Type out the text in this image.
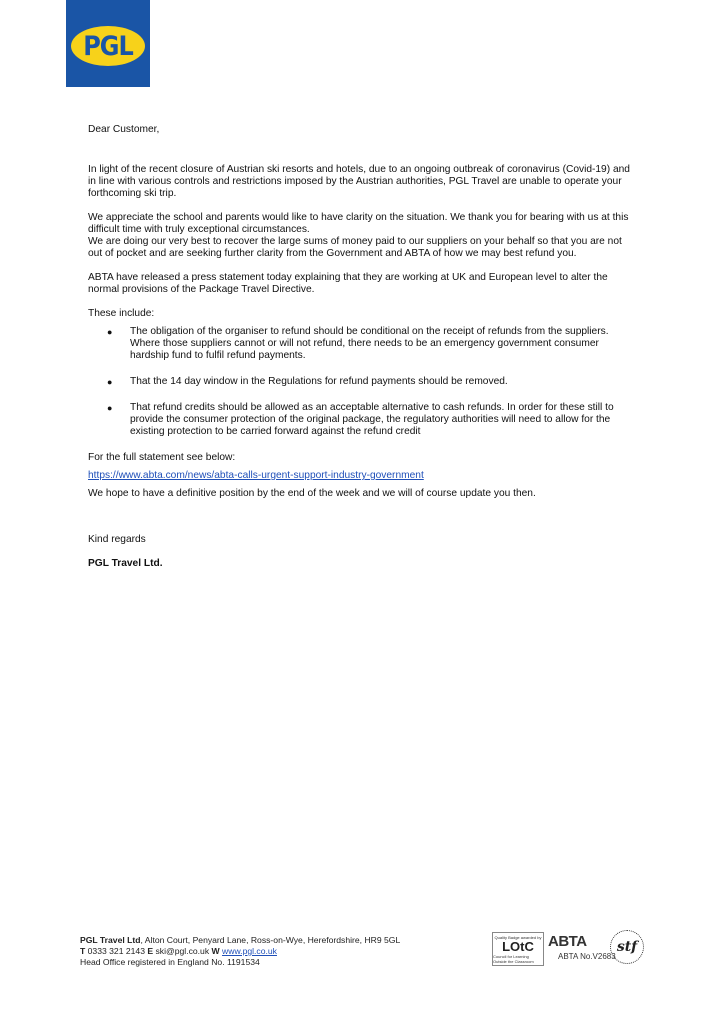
PGL

Dear Customer,

In light of the recent closure of Austrian ski resorts and hotels, due to an ongoing outbreak of coronavirus (Covid-19) and in line with various controls and restrictions imposed by the Austrian authorities, PGL Travel are unable to operate your forthcoming ski trip.

We appreciate the school and parents would like to have clarity on the situation. We thank you for bearing with us at this difficult time with truly exceptional circumstances.

We are doing our very best to recover the large sums of money paid to our suppliers on your behalf so that you are not out of pocket and are seeking further clarity from the Government and ABTA of how we may best refund you.

ABTA have released a press statement today explaining that they are working at UK and European level to alter the normal provisions of the Package Travel Directive.

These include:

● The obligation of the organiser to refund should be conditional on the receipt of refunds from the suppliers. Where those suppliers cannot or will not refund, there needs to be an emergency government consumer hardship fund to fulfil refund payments.
● That the 14 day window in the Regulations for refund payments should be removed.
● That refund credits should be allowed as an acceptable alternative to cash refunds. In order for these still to provide the consumer protection of the original package, the regulatory authorities will need to allow for the existing protection to be carried forward against the refund credit

For the full statement see below:

https://www.abta.com/news/abta-calls-urgent-support-industry-government

We hope to have a definitive position by the end of the week and we will of course update you then.

Kind regards

PGL Travel Ltd.

PGL Travel Ltd, Alton Court, Penyard Lane, Ross-on-Wye, Herefordshire, HR9 5GL
T 0333 321 2143 E ski@pgl.co.uk W www.pgl.co.uk
Head Office registered in England No. 1191534
Quality Badge awarded by
LOtC
Council for Learning Outside the Classroom
ABTA
ABTA No.V2683
stf
